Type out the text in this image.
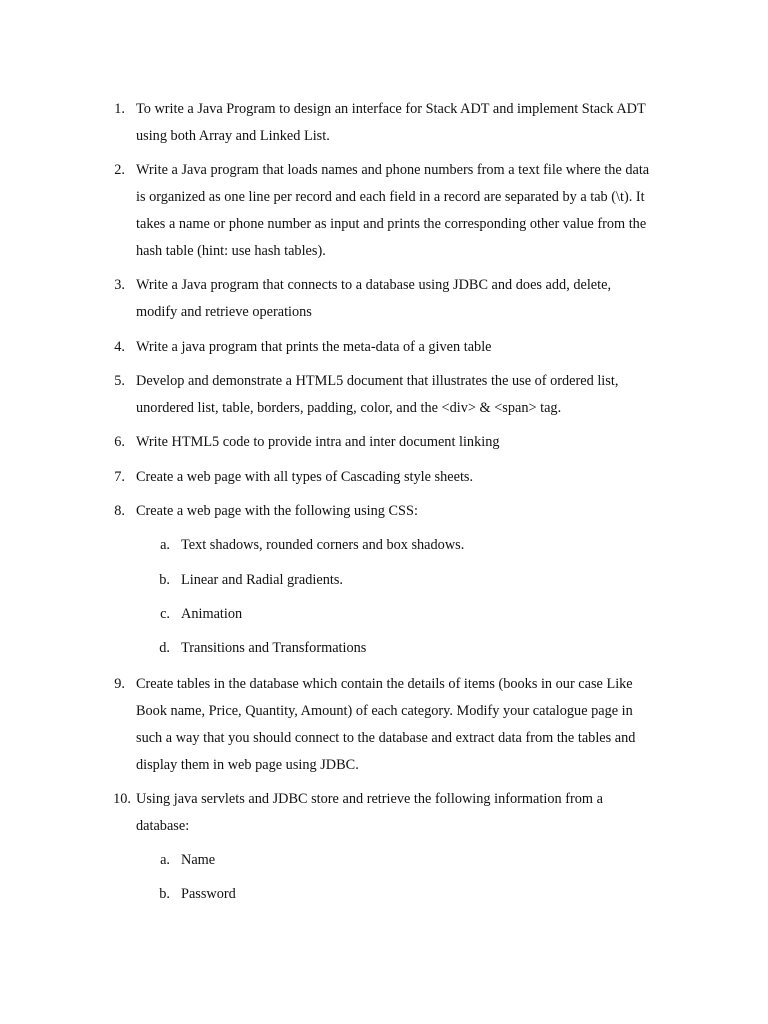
1. To write a Java Program to design an interface for Stack ADT and implement Stack ADT
using both Array and Linked List.
2. Write a Java program that loads names and phone numbers from a text file where the data
is organized as one line per record and each field in a record are separated by a tab (\t). It
takes a name or phone number as input and prints the corresponding other value from the
hash table (hint: use hash tables).
3. Write a Java program that connects to a database using JDBC and does add, delete,
modify and retrieve operations
4. Write a java program that prints the meta-data of a given table
5. Develop and demonstrate a HTML5 document that illustrates the use of ordered list,
unordered list, table, borders, padding, color, and the <div> & <span> tag.
6. Write HTML5 code to provide intra and inter document linking
7. Create a web page with all types of Cascading style sheets.
8. Create a web page with the following using CSS:
a. Text shadows, rounded corners and box shadows.
b. Linear and Radial gradients.
c. Animation
d. Transitions and Transformations
9. Create tables in the database which contain the details of items (books in our case Like
Book name, Price, Quantity, Amount) of each category. Modify your catalogue page in
such a way that you should connect to the database and extract data from the tables and
display them in web page using JDBC.
10. Using java servlets and JDBC store and retrieve the following information from a
database:
a. Name
b. Password
